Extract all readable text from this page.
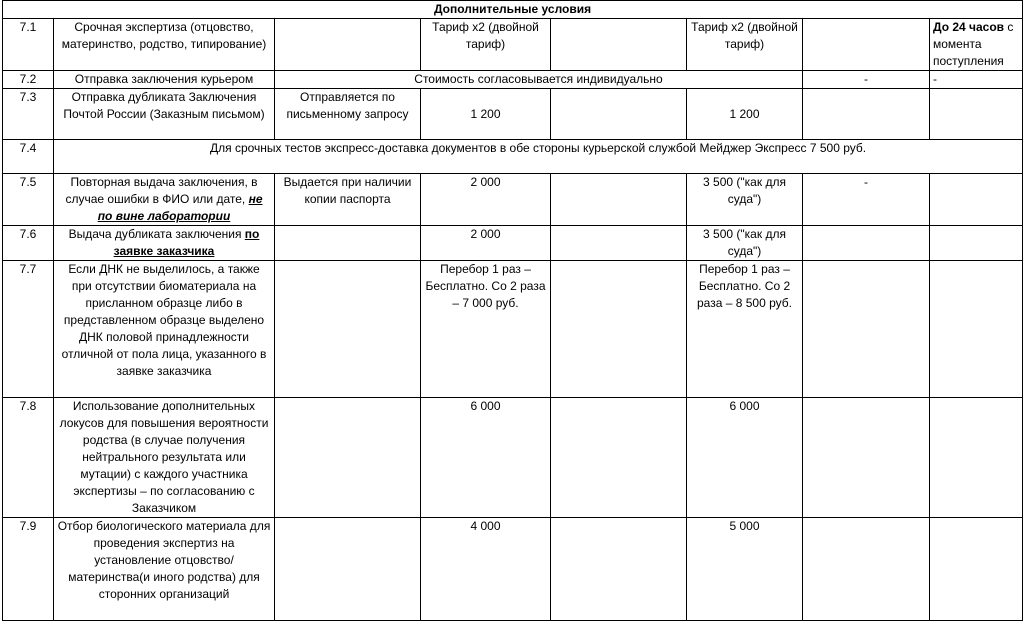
Дополнительные условия							
7.1	Срочная экспертиза (отцовство, материнство, родство, типирование)		Тариф х2 (двойной тариф)		Тариф х2 (двойной тариф)		До 24 часов с момента поступления
7.2	Отправка заключения курьером	Стоимость согласовывается индивидуально				-	-
7.3	Отправка дубликата Заключения Почтой России (Заказным письмом)	Отправляется по письменному запросу	1 200		1 200		
7.4	Для срочных тестов экспресс-доставка документов в обе стороны курьерской службой Мейджер Экспресс 7 500 руб.						
7.5	Повторная выдача заключения, в случае ошибки в ФИО или дате, не по вине лаборатории	Выдается при наличии копии паспорта	2 000		3 500 ("как для суда")	-	
7.6	Выдача дубликата заключения по заявке заказчика		2 000		3 500 ("как для суда")		
7.7	Если ДНК не выделилось, а также при отсутствии биоматериала на присланном образце либо в представленном образце выделено ДНК половой принадлежности отличной от пола лица, указанного в заявке заказчика		Перебор 1 раз – Бесплатно. Со 2 раза – 7 000 руб.		Перебор 1 раз – Бесплатно. Со 2 раза – 8 500 руб.		
7.8	Использование дополнительных локусов для повышения вероятности родства (в случае получения нейтрального результата или мутации) с каждого участника экспертизы – по согласованию с Заказчиком		6 000		6 000		
7.9	Отбор биологического материала для проведения экспертиз на установление отцовство/материнства(и иного родства) для сторонних организаций		4 000		5 000		
